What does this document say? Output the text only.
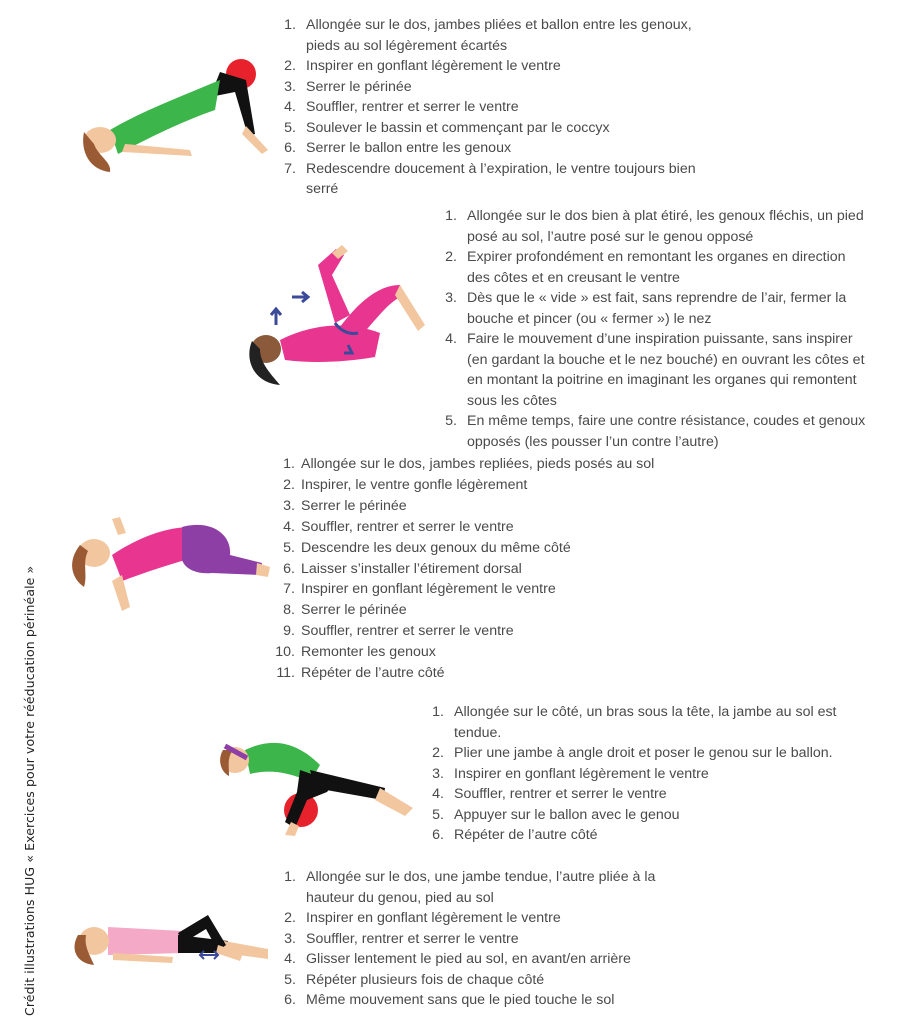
Crédit illustrations HUG « Exercices pour votre rééducation périnéale »
1. Allongée sur le dos, jambes pliées et ballon entre les genoux, pieds au sol légèrement écartés
2. Inspirer en gonflant légèrement le ventre
3. Serrer le périnée
4. Souffler, rentrer et serrer le ventre
5. Soulever le bassin et commençant par le coccyx
6. Serrer le ballon entre les genoux
7. Redescendre doucement à l’expiration, le ventre toujours bien serré
1. Allongée sur le dos bien à plat étiré, les genoux fléchis, un pied posé au sol, l’autre posé sur le genou opposé
2. Expirer profondément en remontant les organes en direction des côtes et en creusant le ventre
3. Dès que le « vide » est fait, sans reprendre de l’air, fermer la bouche et pincer (ou « fermer ») le nez
4. Faire le mouvement d’une inspiration puissante, sans inspirer (en gardant la bouche et le nez bouché) en ouvrant les côtes et en montant la poitrine en imaginant les organes qui remontent sous les côtes
5. En même temps, faire une contre résistance, coudes et genoux opposés (les pousser l’un contre l’autre)
1. Allongée sur le dos, jambes repliées, pieds posés au sol
2. Inspirer, le ventre gonfle légèrement
3. Serrer le périnée
4. Souffler, rentrer et serrer le ventre
5. Descendre les deux genoux du même côté
6. Laisser s’installer l’étirement dorsal
7. Inspirer en gonflant légèrement le ventre
8. Serrer le périnée
9. Souffler, rentrer et serrer le ventre
10. Remonter les genoux
11. Répéter de l’autre côté
1. Allongée sur le côté, un bras sous la tête, la jambe au sol est tendue.
2. Plier une jambe à angle droit et poser le genou sur le ballon.
3. Inspirer en gonflant légèrement le ventre
4. Souffler, rentrer et serrer le ventre
5. Appuyer sur le ballon avec le genou
6. Répéter de l’autre côté
1. Allongée sur le dos, une jambe tendue, l’autre pliée à la hauteur du genou, pied au sol
2. Inspirer en gonflant légèrement le ventre
3. Souffler, rentrer et serrer le ventre
4. Glisser lentement le pied au sol, en avant/en arrière
5. Répéter plusieurs fois de chaque côté
6. Même mouvement sans que le pied touche le sol
